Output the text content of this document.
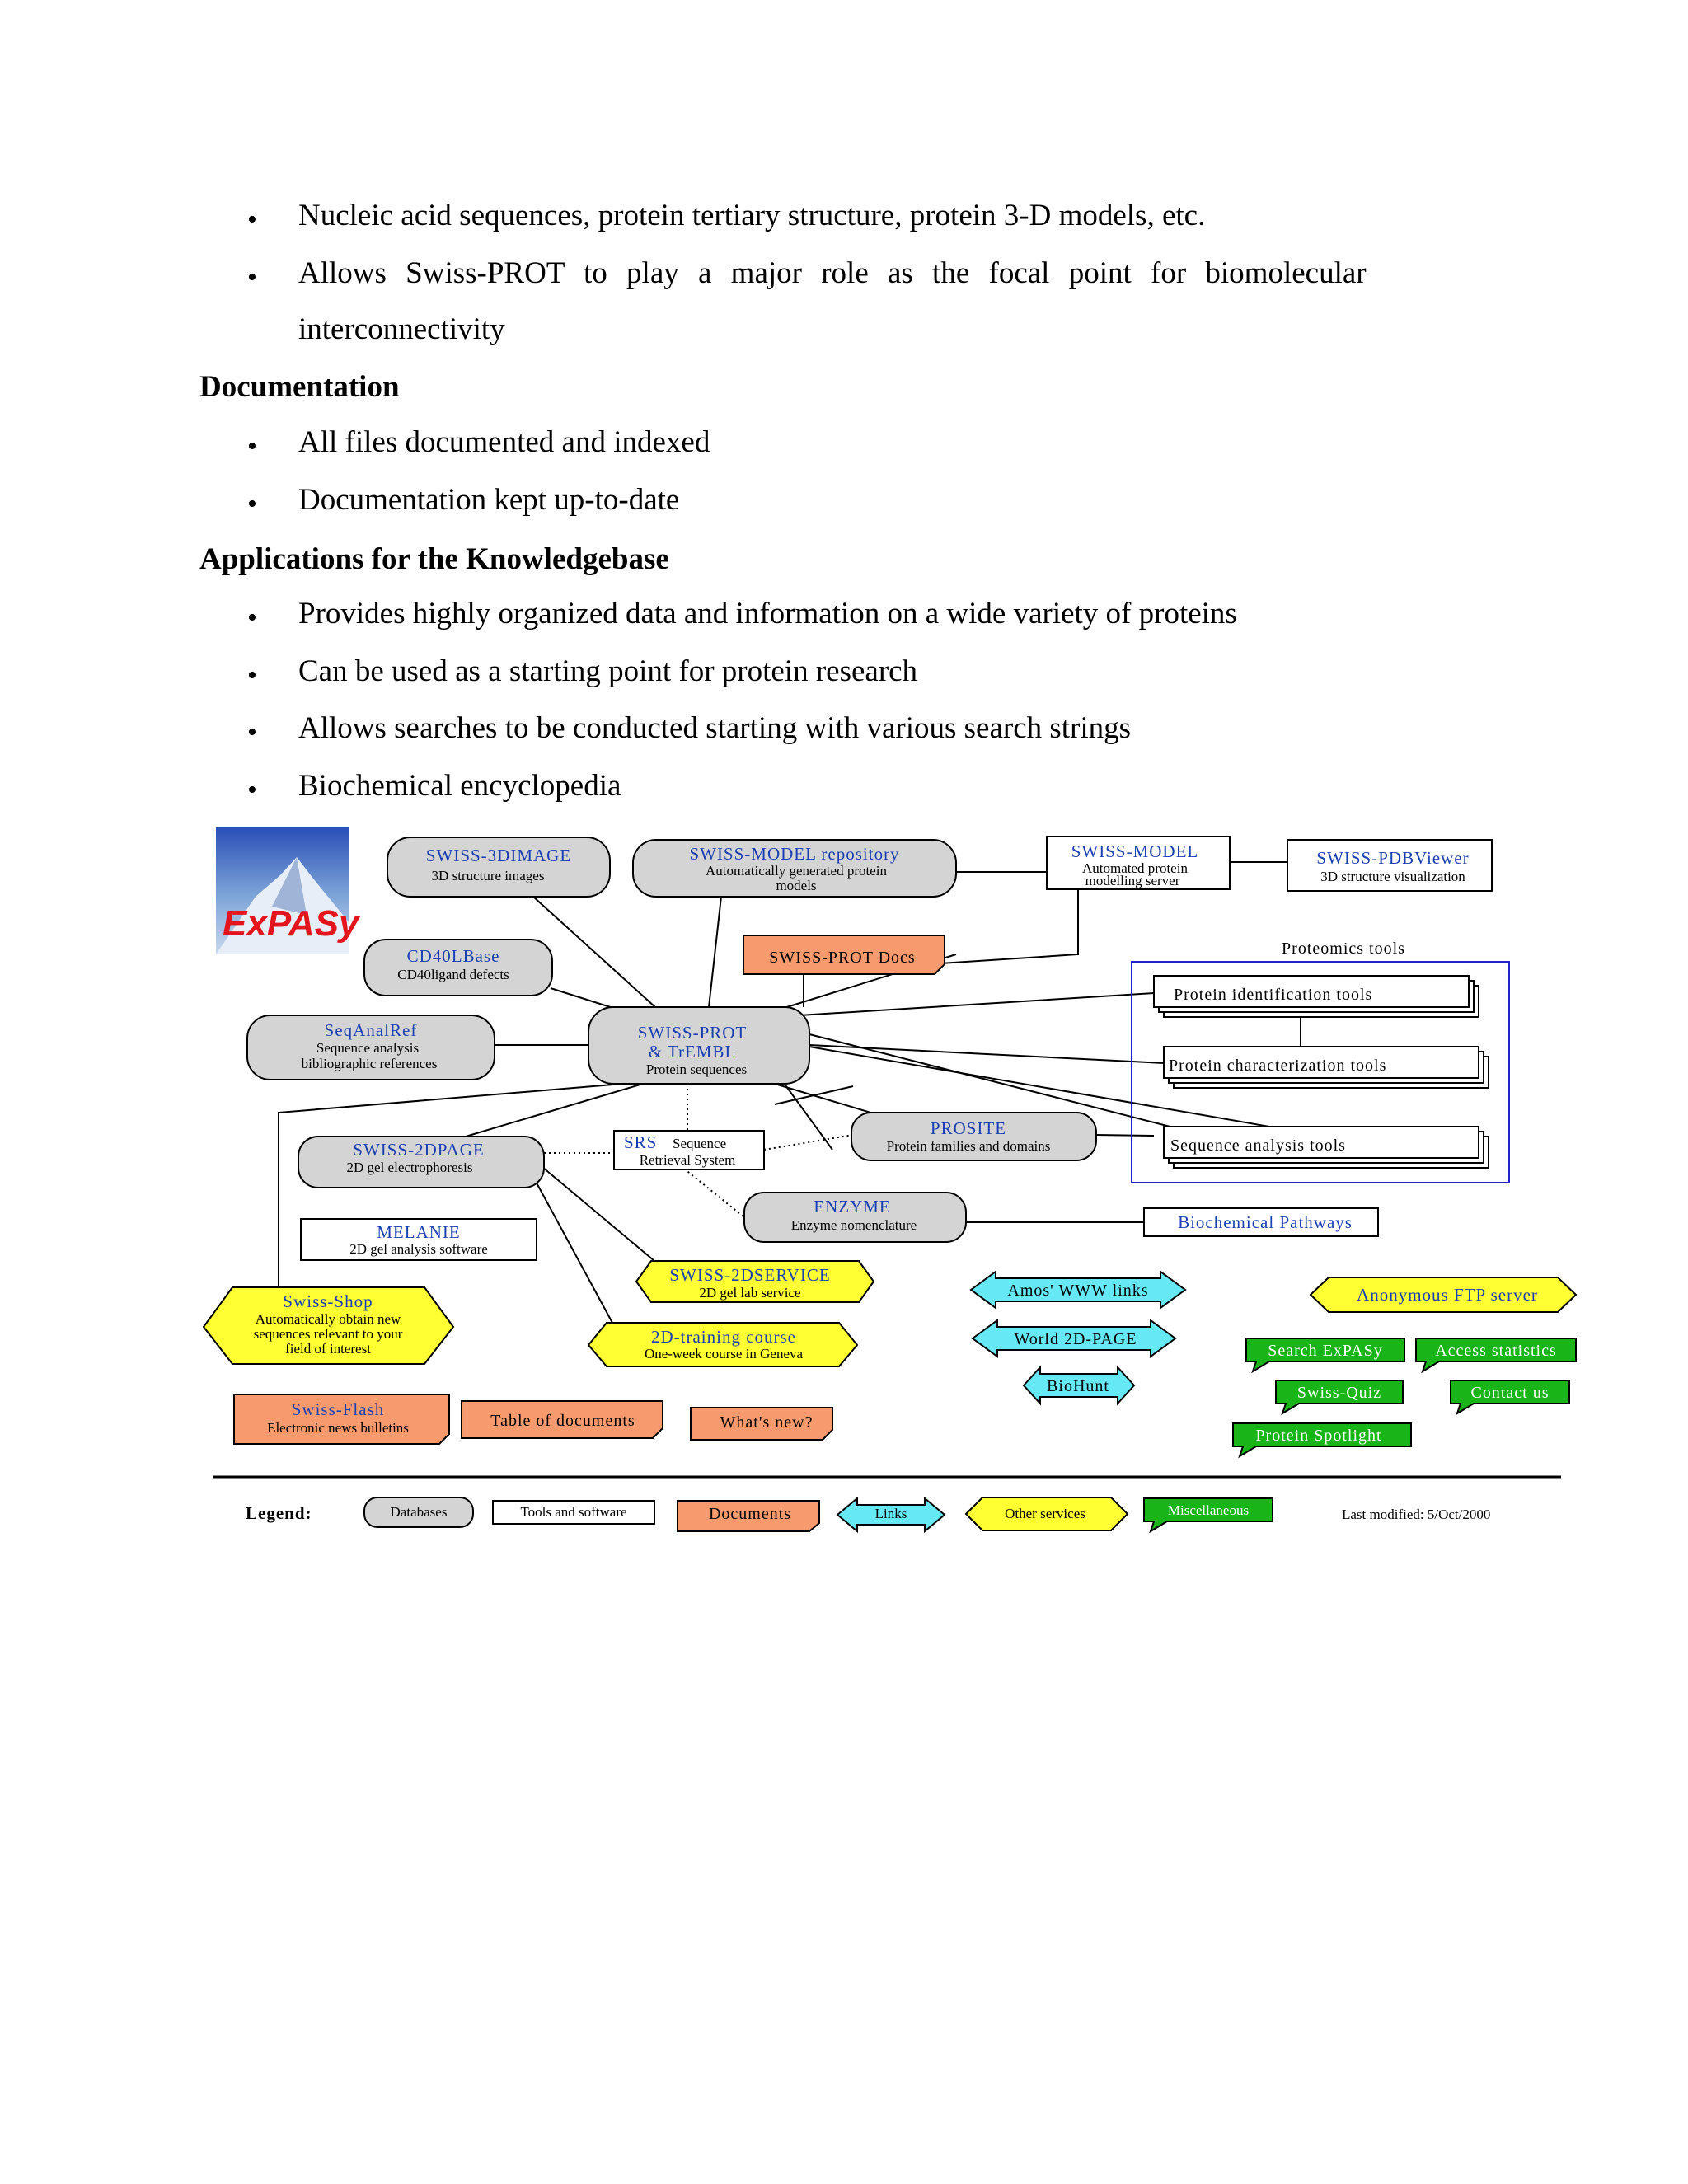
• Nucleic acid sequences, protein tertiary structure, protein 3-D models, etc.
• Allows Swiss-PROT to play a major role as the focal point for biomolecular
interconnectivity
Documentation
• All files documented and indexed
• Documentation kept up-to-date
Applications for the Knowledgebase
• Provides highly organized data and information on a wide variety of proteins
• Can be used as a starting point for protein research
• Allows searches to be conducted starting with various search strings
• Biochemical encyclopedia
ExPASy
SWISS-3DIMAGE
3D structure images
SWISS-MODEL repository
Automatically generated protein
models
CD40LBase
CD40ligand defects
SeqAnalRef
Sequence analysis
bibliographic references
SWISS-PROT
& TrEMBL
Protein sequences
PROSITE
Protein families and domains
SWISS-2DPAGE
2D gel electrophoresis
ENZYME
Enzyme nomenclature
SWISS-MODEL
Automated protein
modelling server
SWISS-PDBViewer
3D structure visualization
SRS Sequence
Retrieval System
MELANIE
2D gel analysis software
Biochemical Pathways
Proteomics tools
Protein identification tools
Protein characterization tools
Sequence analysis tools
SWISS-PROT Docs
Swiss-Flash
Electronic news bulletins	Table of documents	What's new?
Swiss-Shop
Automatically obtain new
sequences relevant to your
field of interest
SWISS-2DSERVICE
2D gel lab service
2D-training course
One-week course in Geneva
Anonymous FTP server
Amos' WWW links
World 2D-PAGE
BioHunt
Search ExPASy	Access statistics
Swiss-Quiz	Contact us
Protein Spotlight
Legend:	Databases	Tools and software	Documents	Links	Other services	Miscellaneous	Last modified: 5/Oct/2000
